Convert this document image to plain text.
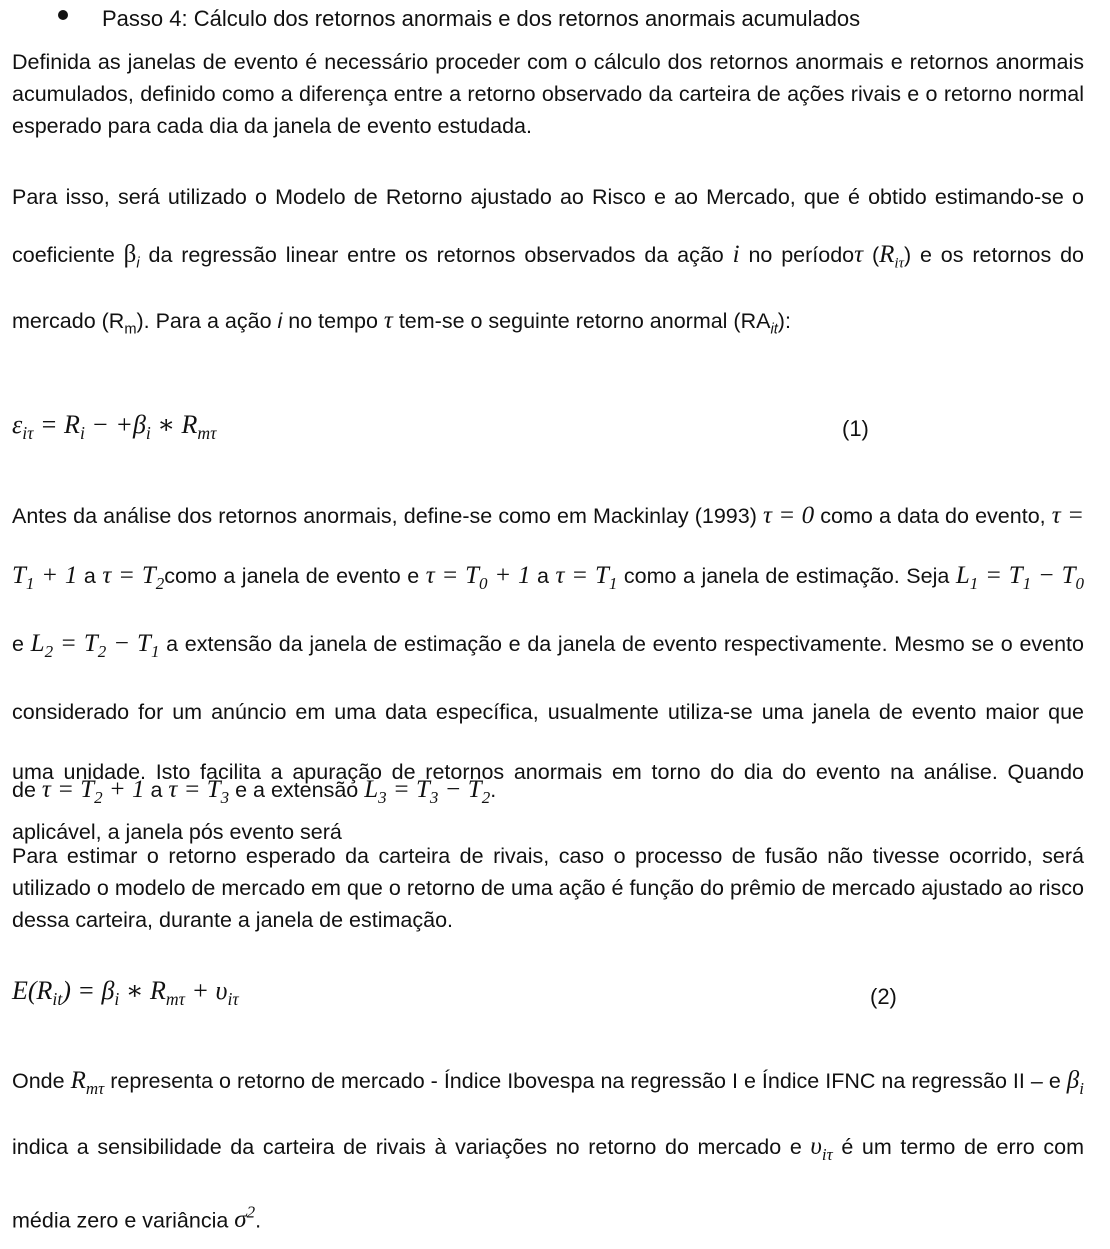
Passo 4: Cálculo dos retornos anormais e dos retornos anormais acumulados

Definida as janelas de evento é necessário proceder com o cálculo dos retornos anormais e retornos anormais acumulados, definido como a diferença entre a retorno observado da carteira de ações rivais e o retorno normal esperado para cada dia da janela de evento estudada.

Para isso, será utilizado o Modelo de Retorno ajustado ao Risco e ao Mercado, que é obtido estimando-se o coeficiente $\beta_i$ da regressão linear entre os retornos observados da ação i no períodoτ $(R_{i\tau})$ e os retornos do mercado $(R_m)$. Para a ação i no tempo τ tem-se o seguinte retorno anormal $(RA_{it})$:

$\varepsilon_{i\tau} = R_i - +\beta_i$ ∗ $R_{m\tau}$	(1)

Antes da análise dos retornos anormais, define-se como em Mackinlay (1993) τ = 0 como a data do evento, $\tau = T_1 + 1$ a $\tau = T_2como$ a janela de evento e $\tau = T_0 + 1$ a $\tau = T_1$ como a janela de estimação. Seja $L_1 = T_1 - T_0$ e $L_2 = T_2 - T_1$ a extensão da janela de estimação e da janela de evento respectivamente. Mesmo se o evento considerado for um anúncio em uma data específica, usualmente utiliza-se uma janela de evento maior que uma unidade. Isto facilita a apuração de retornos anormais em torno do dia do evento na análise. Quando aplicável, a janela pós evento será

de $\tau = T_2 + 1$ a $\tau = T_3$ e a extensão $L_3 = T_3 - T_2$.

Para estimar o retorno esperado da carteira de rivais, caso o processo de fusão não tivesse ocorrido, será utilizado o modelo de mercado em que o retorno de uma ação é função do prêmio de mercado ajustado ao risco dessa carteira, durante a janela de estimação.

$E(R_{it}) = \beta_i$ ∗ $R_{m\tau} + \upsilon_{i\tau}$	(2)

Onde $R_{m\tau}$ representa o retorno de mercado - Índice Ibovespa na regressão I e Índice IFNC na regressão II – e $\beta_i$ indica a sensibilidade da carteira de rivais à variações no retorno do mercado e $\upsilon_{i\tau}$ é um termo de erro com média zero e variância $\sigma^2$.
